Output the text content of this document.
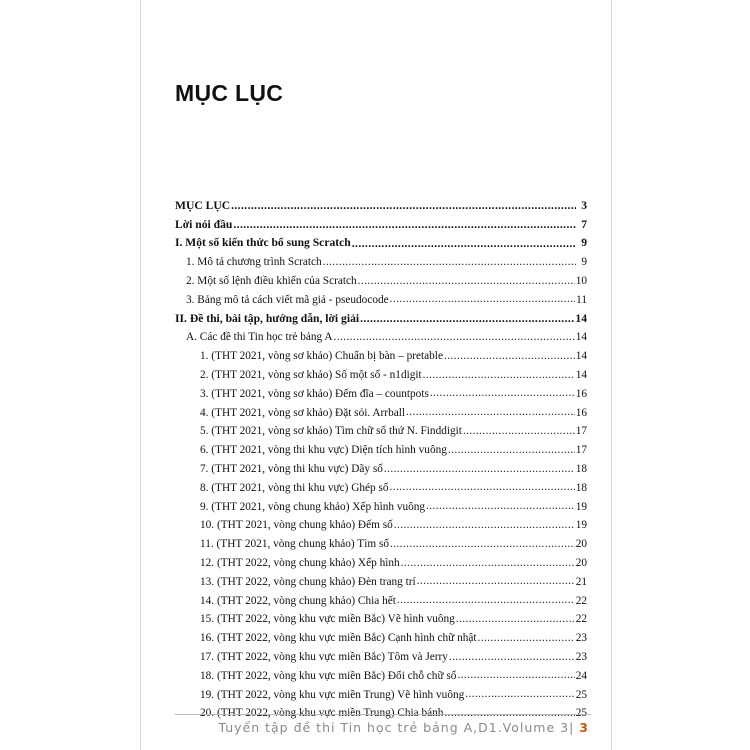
MỤC LỤC
MỤC LỤC .....	3
Lời nói đầu .....	7
I. Một số kiến thức bổ sung Scratch .....	9
1. Mô tả chương trình Scratch .....	9
2. Một số lệnh điều khiển của Scratch .....	10
3. Bảng mô tả cách viết mã giả - pseudocode .....	11
II. Đề thi, bài tập, hướng dẫn, lời giải .....	14
A. Các đề thi Tin học trẻ bảng A .....	14
1. (THT 2021, vòng sơ khảo) Chuẩn bị bàn – pretable .....	14
2. (THT 2021, vòng sơ khảo) Số một số - n1digit .....	14
3. (THT 2021, vòng sơ khảo) Đếm đĩa – countpots .....	16
4. (THT 2021, vòng sơ khảo) Đặt sỏi. Arrball .....	16
5. (THT 2021, vòng sơ khảo) Tìm chữ số thứ N. Finddigit .....	17
6. (THT 2021, vòng thi khu vực) Diện tích hình vuông .....	17
7. (THT 2021, vòng thi khu vực) Dãy số .....	18
8. (THT 2021, vòng thi khu vực) Ghép số .....	18
9. (THT 2021, vòng chung khảo) Xếp hình vuông .....	19
10. (THT 2021, vòng chung khảo) Đếm số .....	19
11. (THT 2021, vòng chung khảo) Tìm số .....	20
12. (THT 2022, vòng chung khảo) Xếp hình .....	20
13. (THT 2022, vòng chung khảo) Đèn trang trí .....	21
14. (THT 2022, vòng chung khảo) Chia hết .....	22
15. (THT 2022, vòng khu vực miền Bắc) Vẽ hình vuông .....	22
16. (THT 2022, vòng khu vực miền Bắc) Cạnh hình chữ nhật .....	23
17. (THT 2022, vòng khu vực miền Bắc) Tôm và Jerry .....	23
18. (THT 2022, vòng khu vực miền Bắc) Đổi chỗ chữ số .....	24
19. (THT 2022, vòng khu vực miền Trung) Vẽ hình vuông .....	25
20. (THT 2022, vòng khu vực miền Trung) Chia bánh .....	25
Tuyển tập đề thi Tin học trẻ bảng A,D1.Volume 3| 3
